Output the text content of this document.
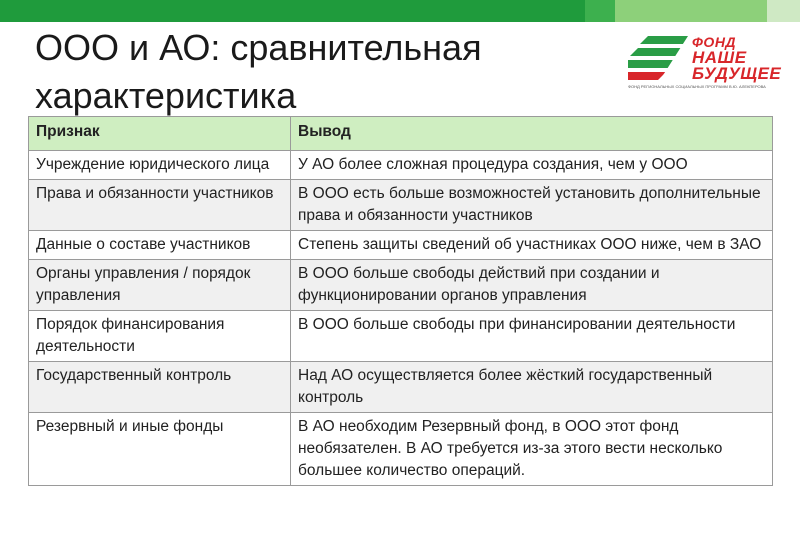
ООО и АО: сравнительная
характеристика
ФОНД
НАШЕ
БУДУЩЕЕ
ФОНД РЕГИОНАЛЬНЫХ СОЦИАЛЬНЫХ ПРОГРАММ В.Ю. АЛЕКПЕРОВА
Признак	Вывод
Учреждение юридического лица	У АО более сложная процедура создания, чем у ООО
Права и обязанности участников	В ООО есть больше возможностей установить дополнительные права и обязанности участников
Данные о составе участников	Степень защиты сведений об участниках ООО ниже, чем в ЗАО
Органы управления / порядок управления	В ООО больше свободы действий при создании и функционировании органов управления
Порядок финансирования деятельности	В ООО больше свободы при финансировании деятельности
Государственный контроль	Над АО осуществляется более жёсткий государственный контроль
Резервный и иные фонды	В АО необходим Резервный фонд, в ООО этот фонд необязателен. В АО требуется из-за этого вести несколько большее количество операций.
